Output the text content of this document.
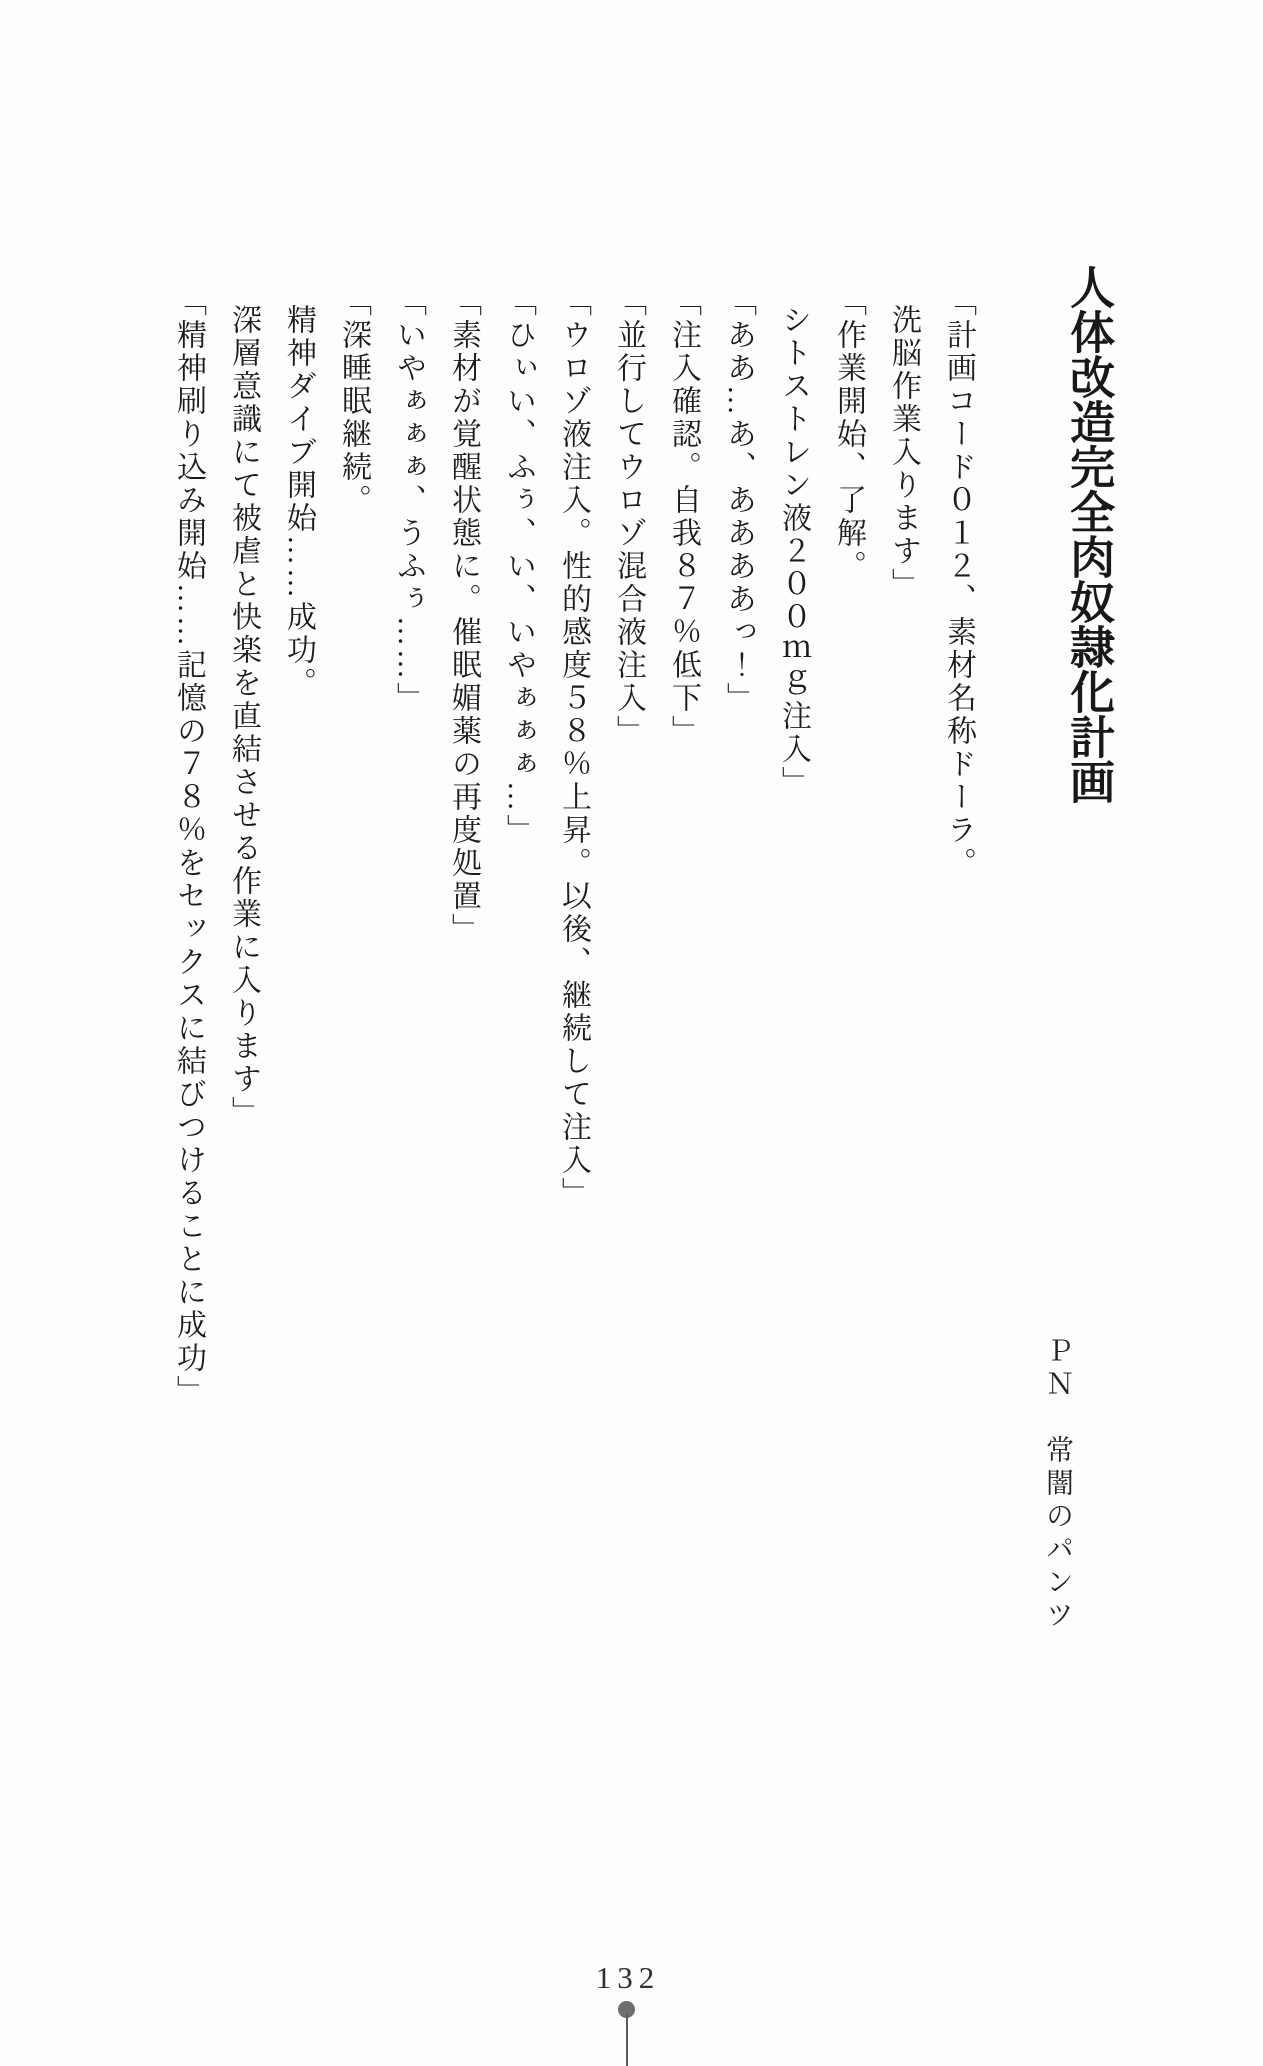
人体改造完全肉奴隷化計画
ＰＮ　常闇のパンツ

「計画コード０１２、素材名称ドーラ。

洗脳作業入ります」

「作業開始、了解。

シトストレン液２００ｍｇ注入」

「ああ…あ、ああああっ！」

「注入確認。自我８７％低下」

「並行してウロゾ混合液注入」

「ウロゾ液注入。性的感度５８％上昇。以後、継続して注入」

「ひぃい、ふぅ、い、いやぁぁぁ…」

「素材が覚醒状態に。催眠媚薬の再度処置」

「いやぁぁぁ、うふぅ……」

「深睡眠継続。

精神ダイブ開始……成功。

深層意識にて被虐と快楽を直結させる作業に入ります」

「精神刷り込み開始……記憶の７８％をセックスに結びつけることに成功」

132
